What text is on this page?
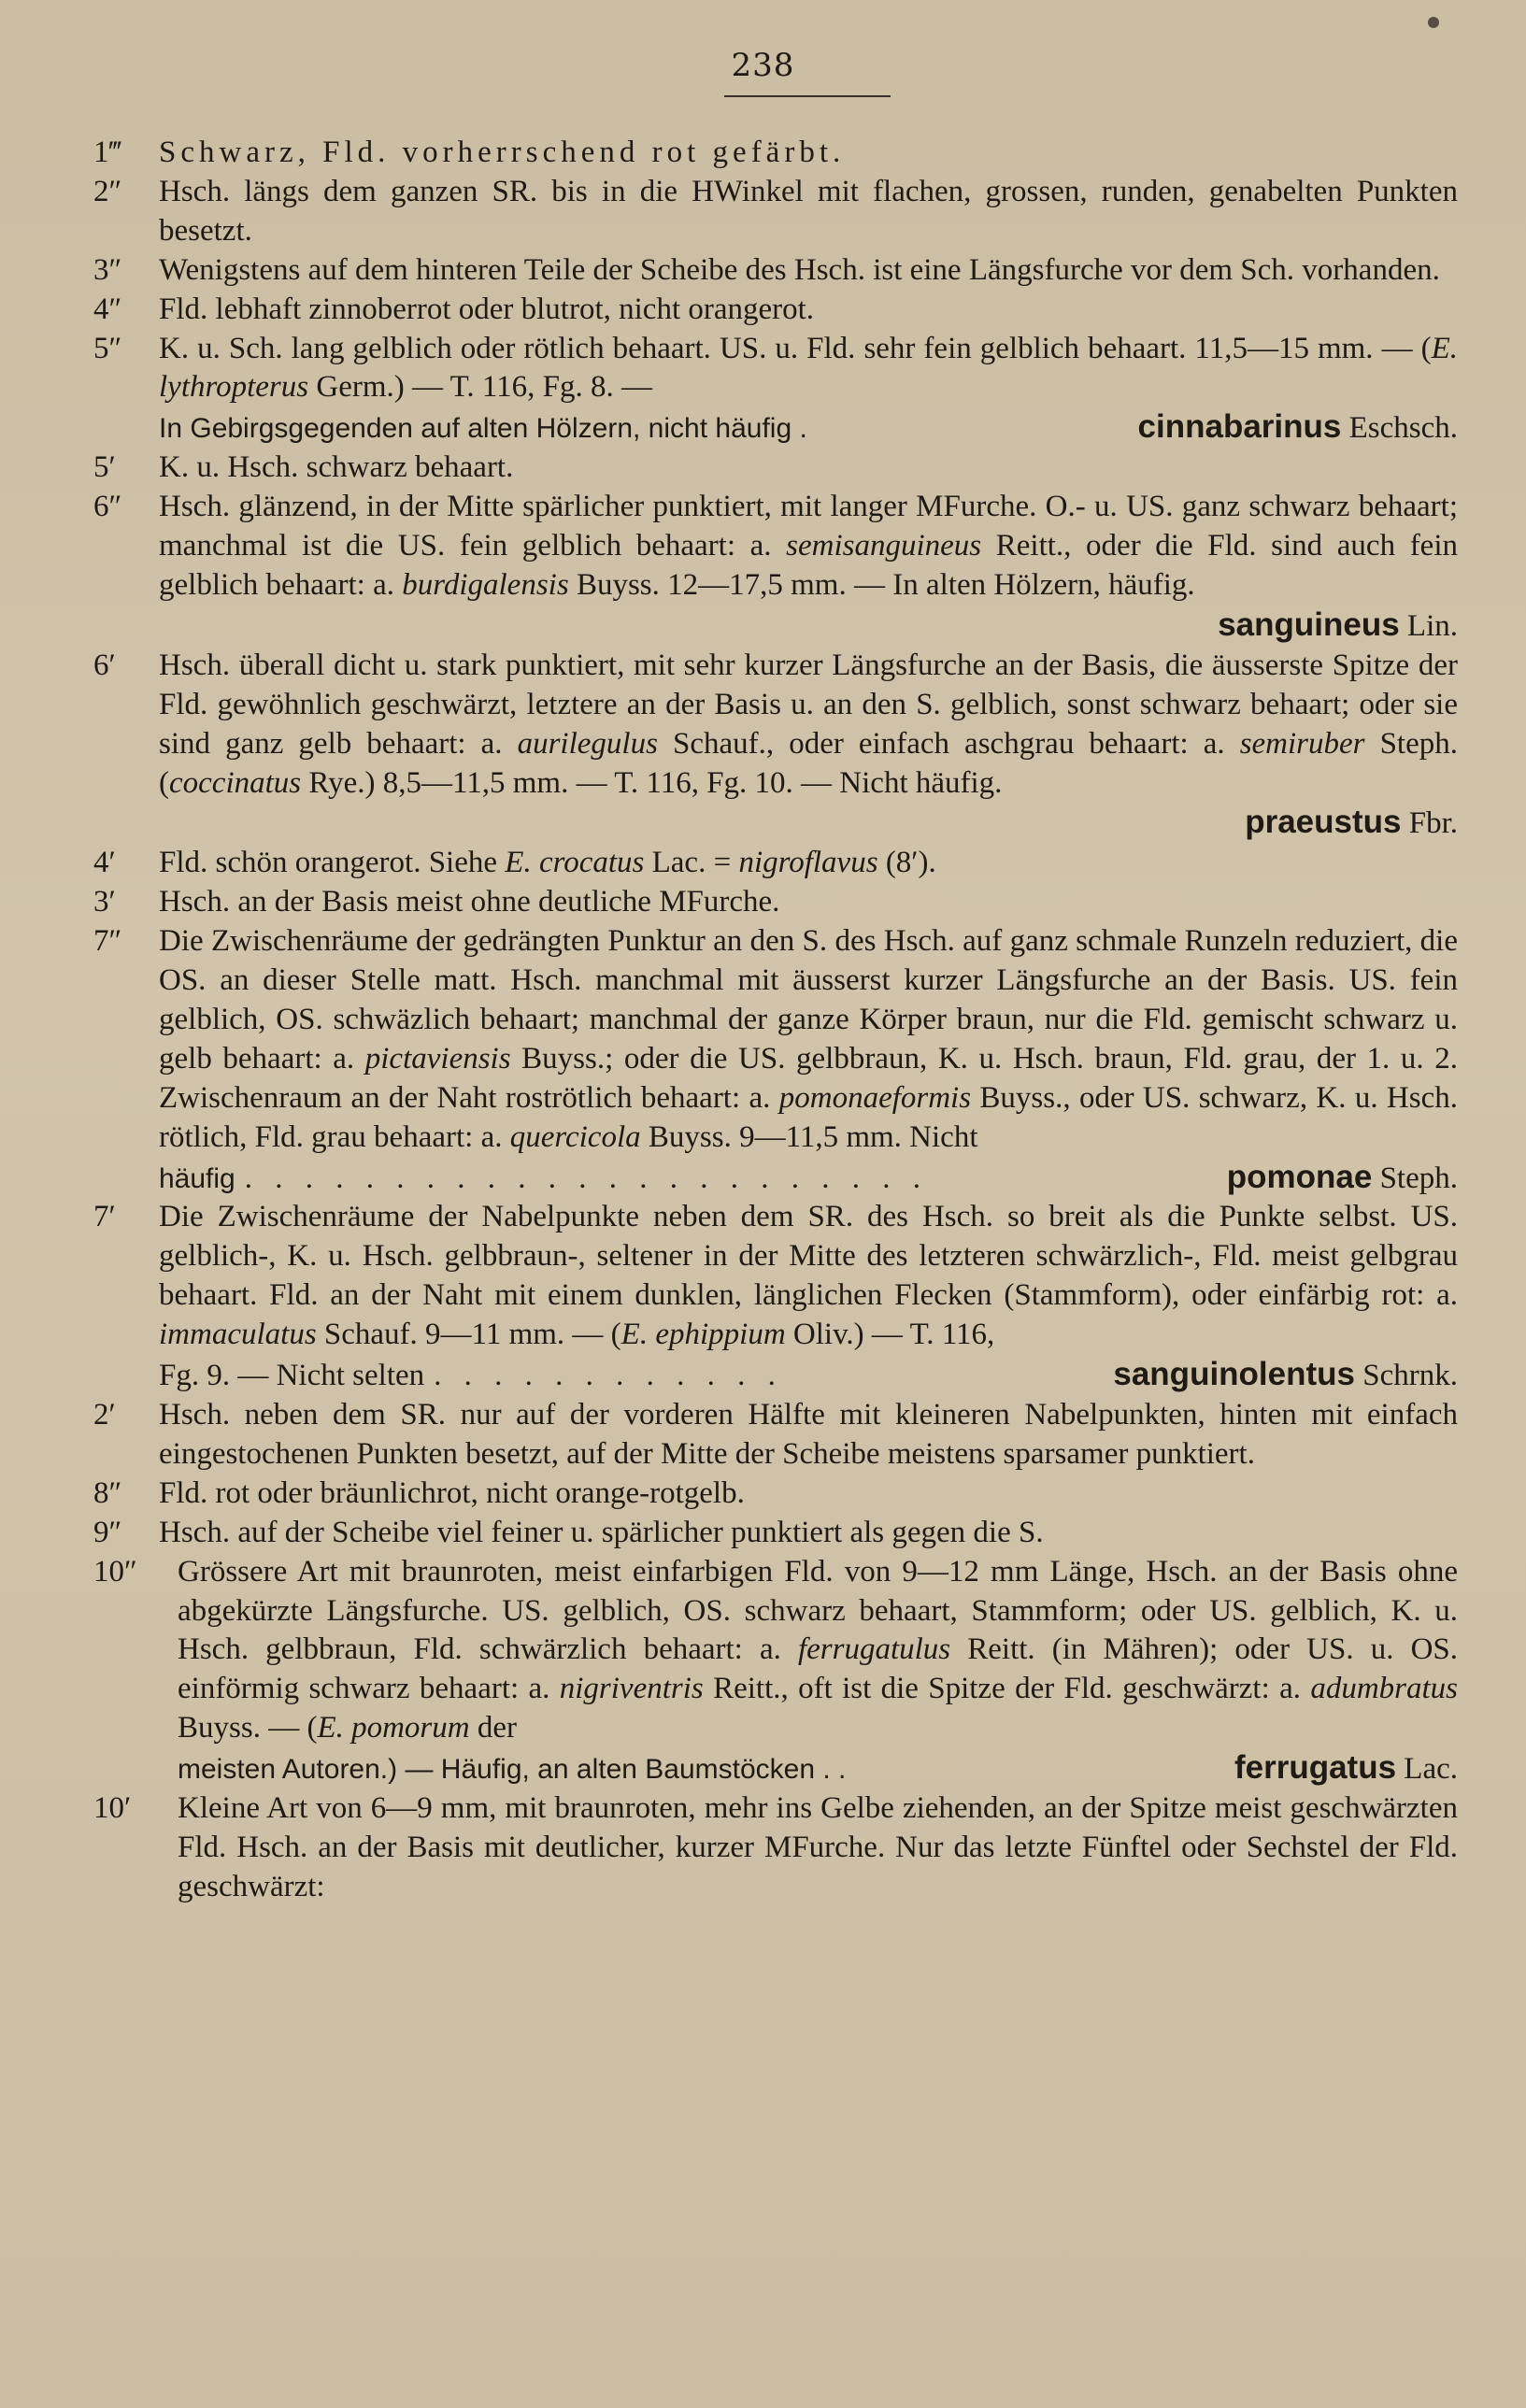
238
1‴ Schwarz, Fld. vorherrschend rot gefärbt.
2″ Hsch. längs dem ganzen SR. bis in die HWinkel mit flachen, grossen, runden, genabelten Punkten besetzt.
3″ Wenigstens auf dem hinteren Teile der Scheibe des Hsch. ist eine Längsfurche vor dem Sch. vorhanden.
4″ Fld. lebhaft zinnoberrot oder blutrot, nicht orangerot.
5″ K. u. Sch. lang gelblich oder rötlich behaart. US. u. Fld. sehr fein gelblich behaart. 11,5—15 mm. — (E. lythropterus Germ.) — T. 116, Fg. 8. —
In Gebirgsgegenden auf alten Hölzern, nicht häufig .	cinnabarinus Eschsch.
5′ K. u. Hsch. schwarz behaart.
6″ Hsch. glänzend, in der Mitte spärlicher punktiert, mit langer MFurche. O.- u. US. ganz schwarz behaart; manchmal ist die US. fein gelblich behaart: a. semisanguineus Reitt., oder die Fld. sind auch fein gelblich behaart: a. burdigalensis Buyss. 12—17,5 mm. — In alten Hölzern, häufig.
sanguineus Lin.
6′ Hsch. überall dicht u. stark punktiert, mit sehr kurzer Längsfurche an der Basis, die äusserste Spitze der Fld. gewöhnlich geschwärzt, letztere an der Basis u. an den S. gelblich, sonst schwarz behaart; oder sie sind ganz gelb behaart: a. aurilegulus Schauf., oder einfach aschgrau behaart: a. semiruber Steph. (coccinatus Rye.) 8,5—11,5 mm. — T. 116, Fg. 10. — Nicht häufig.
praeustus Fbr.
4′ Fld. schön orangerot. Siehe E. crocatus Lac. = nigroflavus (8′).
3′ Hsch. an der Basis meist ohne deutliche MFurche.
7″ Die Zwischenräume der gedrängten Punktur an den S. des Hsch. auf ganz schmale Runzeln reduziert, die OS. an dieser Stelle matt. Hsch. manchmal mit äusserst kurzer Längsfurche an der Basis. US. fein gelblich, OS. schwäzlich behaart; manchmal der ganze Körper braun, nur die Fld. gemischt schwarz u. gelb behaart: a. pictaviensis Buyss.; oder die US. gelbbraun, K. u. Hsch. braun, Fld. grau, der 1. u. 2. Zwischenraum an der Naht roströtlich behaart: a. pomonaeformis Buyss., oder US. schwarz, K. u. Hsch. rötlich, Fld. grau behaart: a. quercicola Buyss. 9—11,5 mm. Nicht
häufig . . . . . . . . . . . . . . . . . . . . . . .	pomonae Steph.
7′ Die Zwischenräume der Nabelpunkte neben dem SR. des Hsch. so breit als die Punkte selbst. US. gelblich-, K. u. Hsch. gelbbraun-, seltener in der Mitte des letzteren schwärzlich-, Fld. meist gelbgrau behaart. Fld. an der Naht mit einem dunklen, länglichen Flecken (Stammform), oder einfärbig rot: a. immaculatus Schauf. 9—11 mm. — (E. ephippium Oliv.) — T. 116,
Fg. 9. — Nicht selten . . . . . . . . . . . .	sanguinolentus Schrnk.
2′ Hsch. neben dem SR. nur auf der vorderen Hälfte mit kleineren Nabelpunkten, hinten mit einfach eingestochenen Punkten besetzt, auf der Mitte der Scheibe meistens sparsamer punktiert.
8″ Fld. rot oder bräunlichrot, nicht orange-rotgelb.
9″ Hsch. auf der Scheibe viel feiner u. spärlicher punktiert als gegen die S.
10″ Grössere Art mit braunroten, meist einfarbigen Fld. von 9—12 mm Länge, Hsch. an der Basis ohne abgekürzte Längsfurche. US. gelblich, OS. schwarz behaart, Stammform; oder US. gelblich, K. u. Hsch. gelbbraun, Fld. schwärzlich behaart: a. ferrugatulus Reitt. (in Mähren); oder US. u. OS. einförmig schwarz behaart: a. nigriventris Reitt., oft ist die Spitze der Fld. geschwärzt: a. adumbratus Buyss. — (E. pomorum der
meisten Autoren.) — Häufig, an alten Baumstöcken . .	ferrugatus Lac.
10′ Kleine Art von 6—9 mm, mit braunroten, mehr ins Gelbe ziehenden, an der Spitze meist geschwärzten Fld. Hsch. an der Basis mit deutlicher, kurzer MFurche. Nur das letzte Fünftel oder Sechstel der Fld. geschwärzt:
